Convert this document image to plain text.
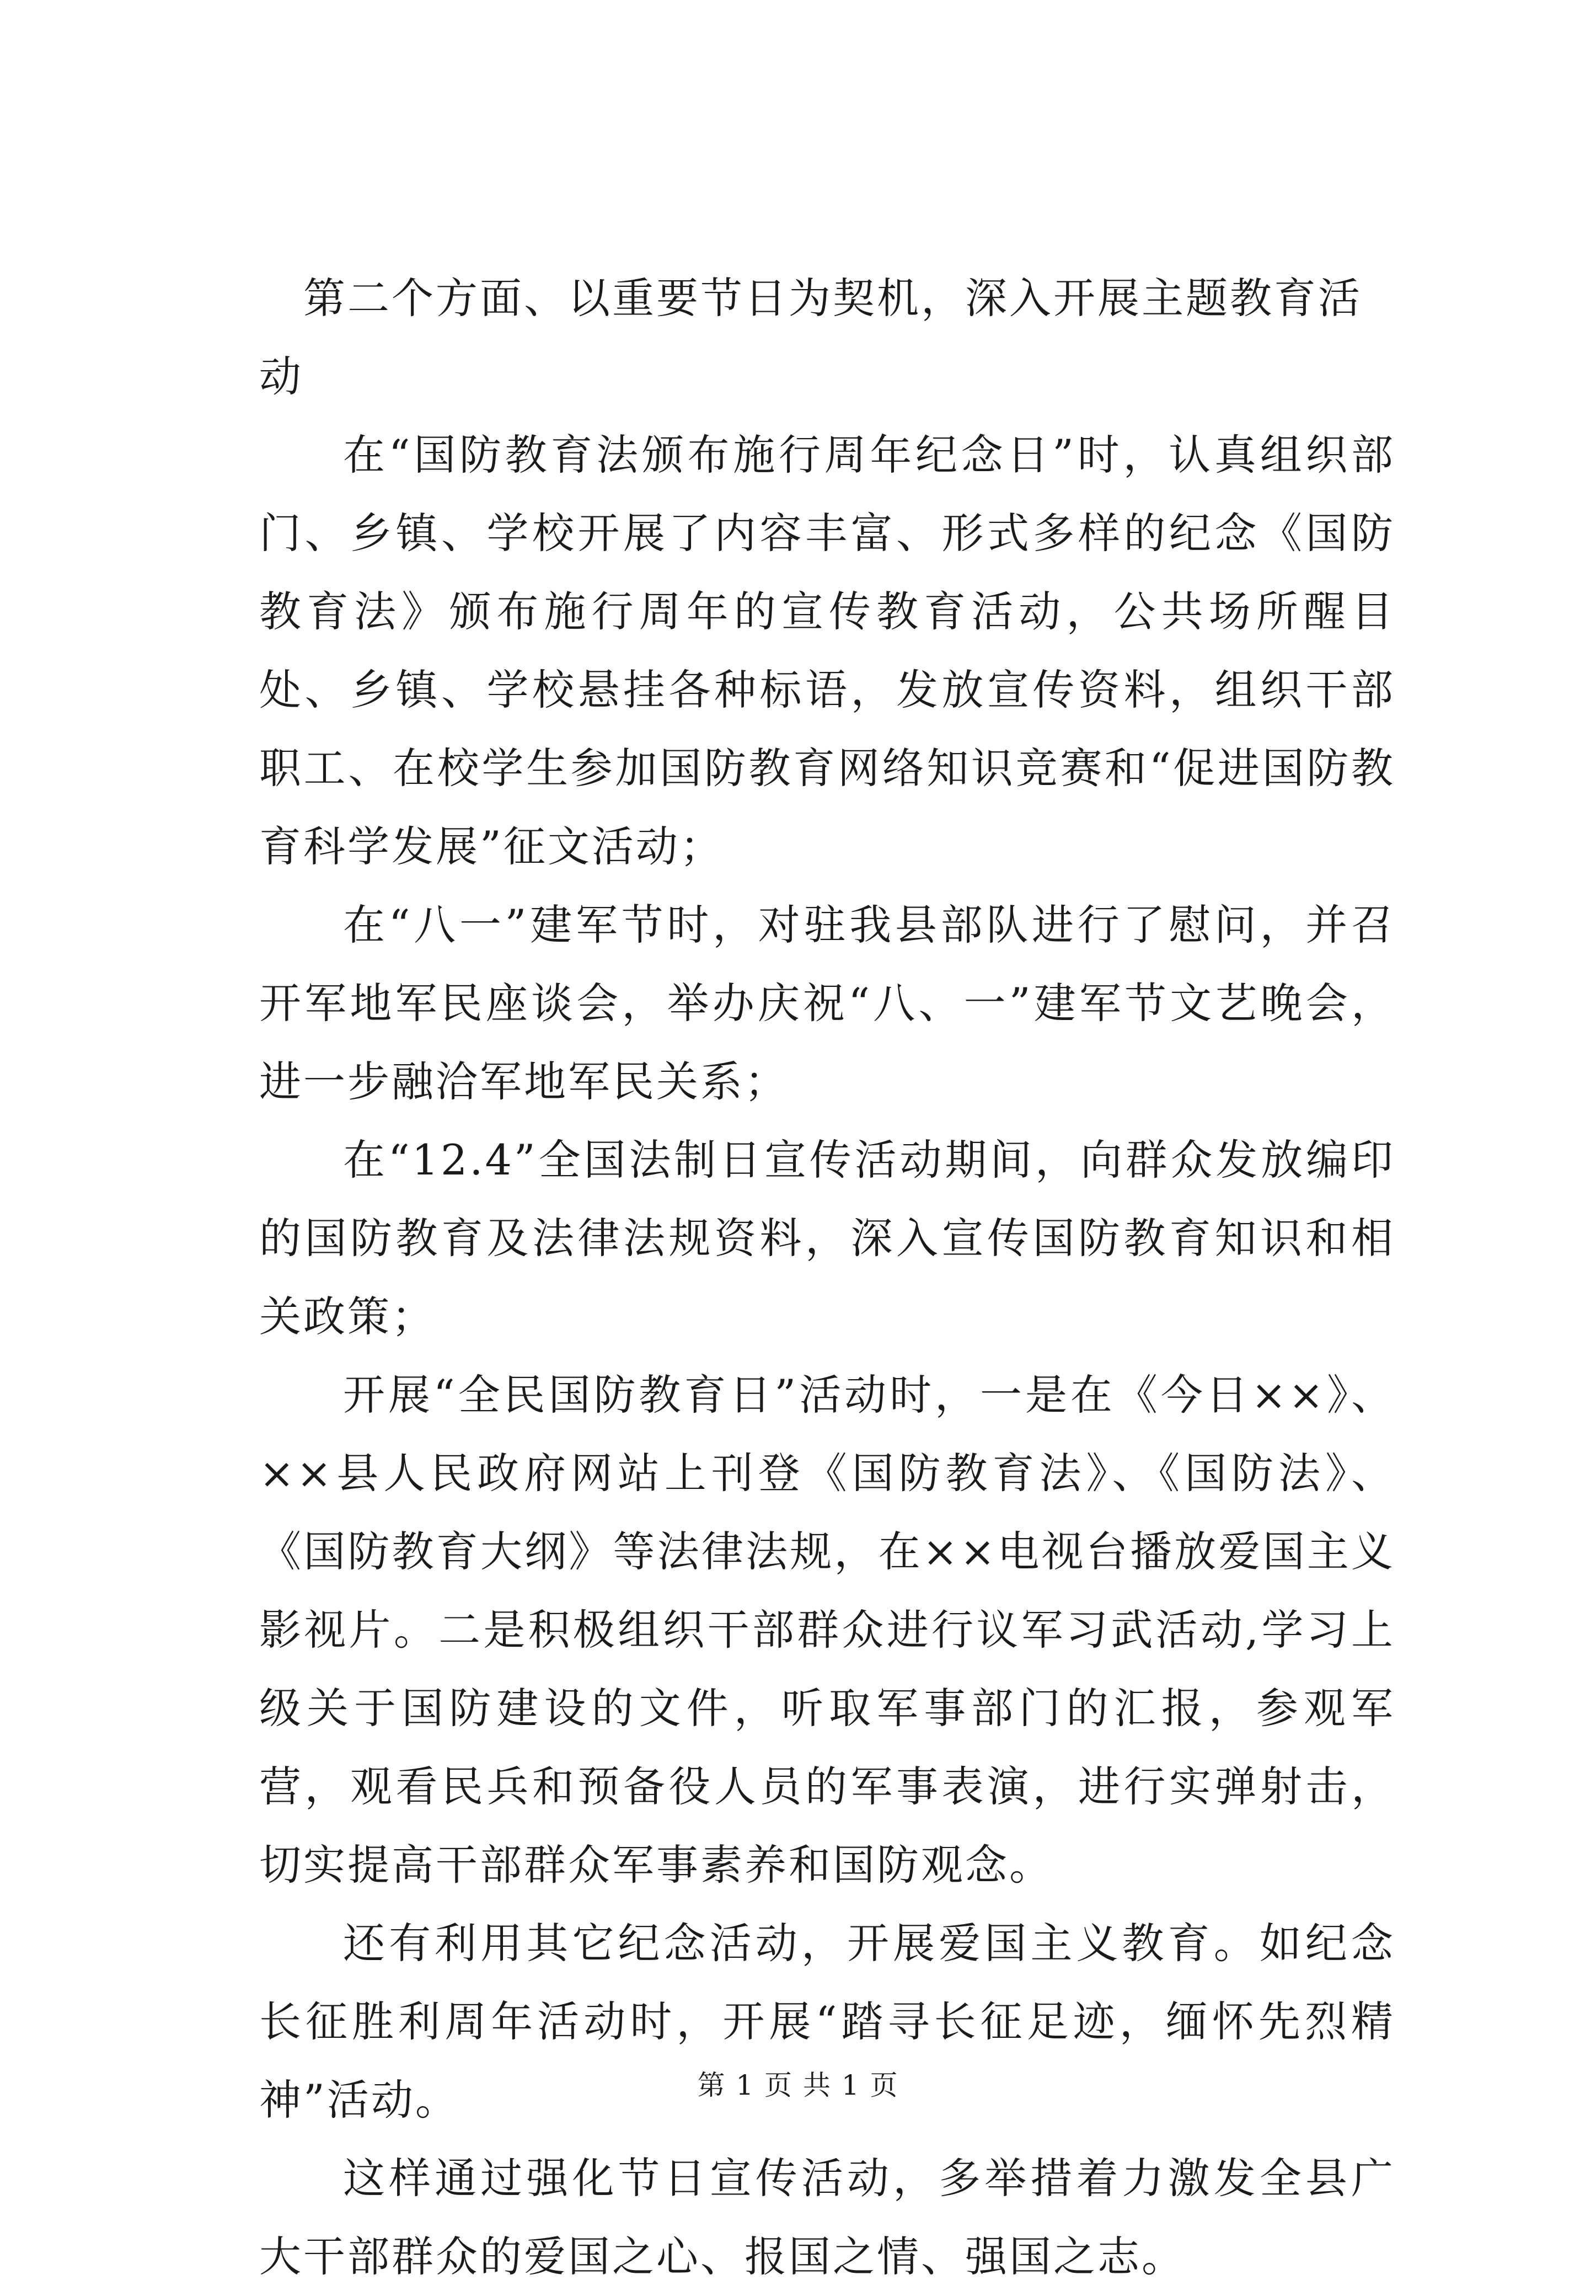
第二个方面、以重要节日为契机，深入开展主题教育活动

在“国防教育法颁布施行周年纪念日”时，认真组织部门、乡镇、学校开展了内容丰富、形式多样的纪念《国防教育法》颁布施行周年的宣传教育活动，公共场所醒目处、乡镇、学校悬挂各种标语，发放宣传资料，组织干部职工、在校学生参加国防教育网络知识竞赛和“促进国防教育科学发展”征文活动；

在“八一”建军节时，对驻我县部队进行了慰问，并召开军地军民座谈会，举办庆祝“八、一”建军节文艺晚会，进一步融洽军地军民关系；

在“12.4”全国法制日宣传活动期间，向群众发放编印的国防教育及法律法规资料，深入宣传国防教育知识和相关政策；

开展“全民国防教育日”活动时，一是在《今日××》、××县人民政府网站上刊登《国防教育法》、《国防法》、《国防教育大纲》等法律法规，在××电视台播放爱国主义影视片。二是积极组织干部群众进行议军习武活动,学习上级关于国防建设的文件，听取军事部门的汇报，参观军营，观看民兵和预备役人员的军事表演，进行实弹射击，切实提高干部群众军事素养和国防观念。

还有利用其它纪念活动，开展爱国主义教育。如纪念长征胜利周年活动时，开展“踏寻长征足迹，缅怀先烈精神”活动。

这样通过强化节日宣传活动，多举措着力激发全县广大干部群众的爱国之心、报国之情、强国之志。

第 1 页 共 1 页
